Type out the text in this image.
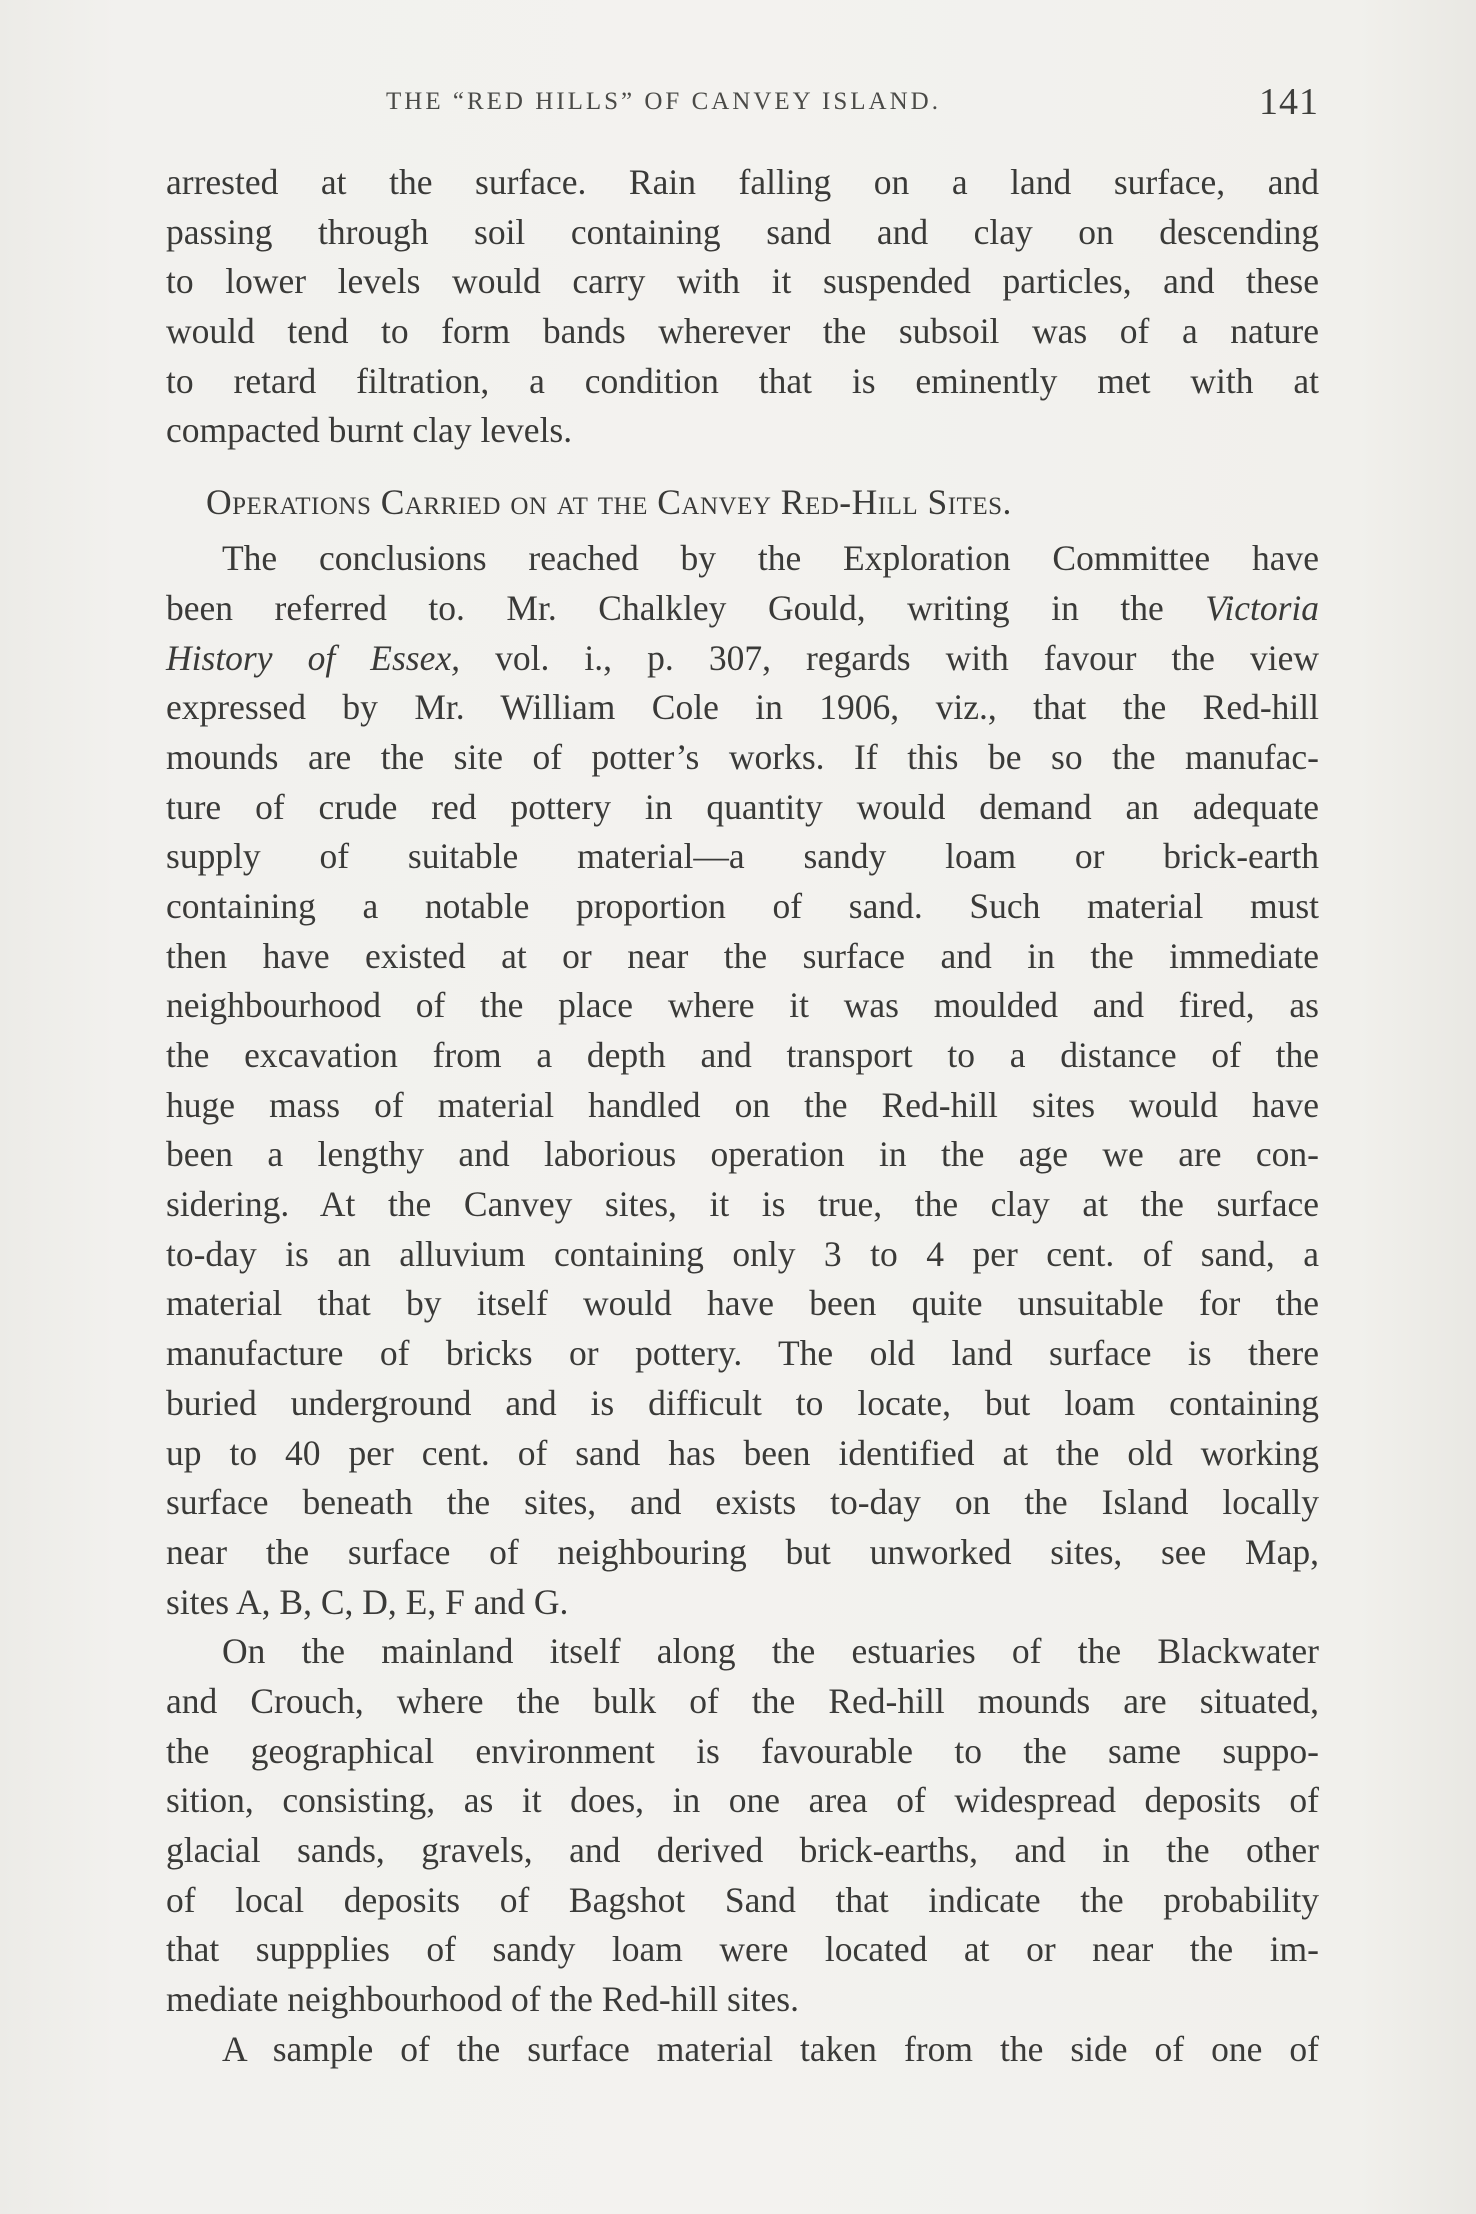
THE “RED HILLS” OF CANVEY ISLAND.	141
arrested at the surface. Rain falling on a land surface, and
passing through soil containing sand and clay on descending
to lower levels would carry with it suspended particles, and these
would tend to form bands wherever the subsoil was of a nature
to retard filtration, a condition that is eminently met with at
compacted burnt clay levels.
Operations Carried on at the Canvey Red-Hill Sites.
The conclusions reached by the Exploration Committee have
been referred to. Mr. Chalkley Gould, writing in the Victoria
History of Essex, vol. i., p. 307, regards with favour the view
expressed by Mr. William Cole in 1906, viz., that the Red-hill
mounds are the site of potter’s works. If this be so the manufac-
ture of crude red pottery in quantity would demand an adequate
supply of suitable material—a sandy loam or brick-earth
containing a notable proportion of sand. Such material must
then have existed at or near the surface and in the immediate
neighbourhood of the place where it was moulded and fired, as
the excavation from a depth and transport to a distance of the
huge mass of material handled on the Red-hill sites would have
been a lengthy and laborious operation in the age we are con-
sidering. At the Canvey sites, it is true, the clay at the surface
to-day is an alluvium containing only 3 to 4 per cent. of sand, a
material that by itself would have been quite unsuitable for the
manufacture of bricks or pottery. The old land surface is there
buried underground and is difficult to locate, but loam containing
up to 40 per cent. of sand has been identified at the old working
surface beneath the sites, and exists to-day on the Island locally
near the surface of neighbouring but unworked sites, see Map,
sites A, B, C, D, E, F and G.
On the mainland itself along the estuaries of the Blackwater
and Crouch, where the bulk of the Red-hill mounds are situated,
the geographical environment is favourable to the same suppo-
sition, consisting, as it does, in one area of widespread deposits of
glacial sands, gravels, and derived brick-earths, and in the other
of local deposits of Bagshot Sand that indicate the probability
that suppplies of sandy loam were located at or near the im-
mediate neighbourhood of the Red-hill sites.
A sample of the surface material taken from the side of one of
